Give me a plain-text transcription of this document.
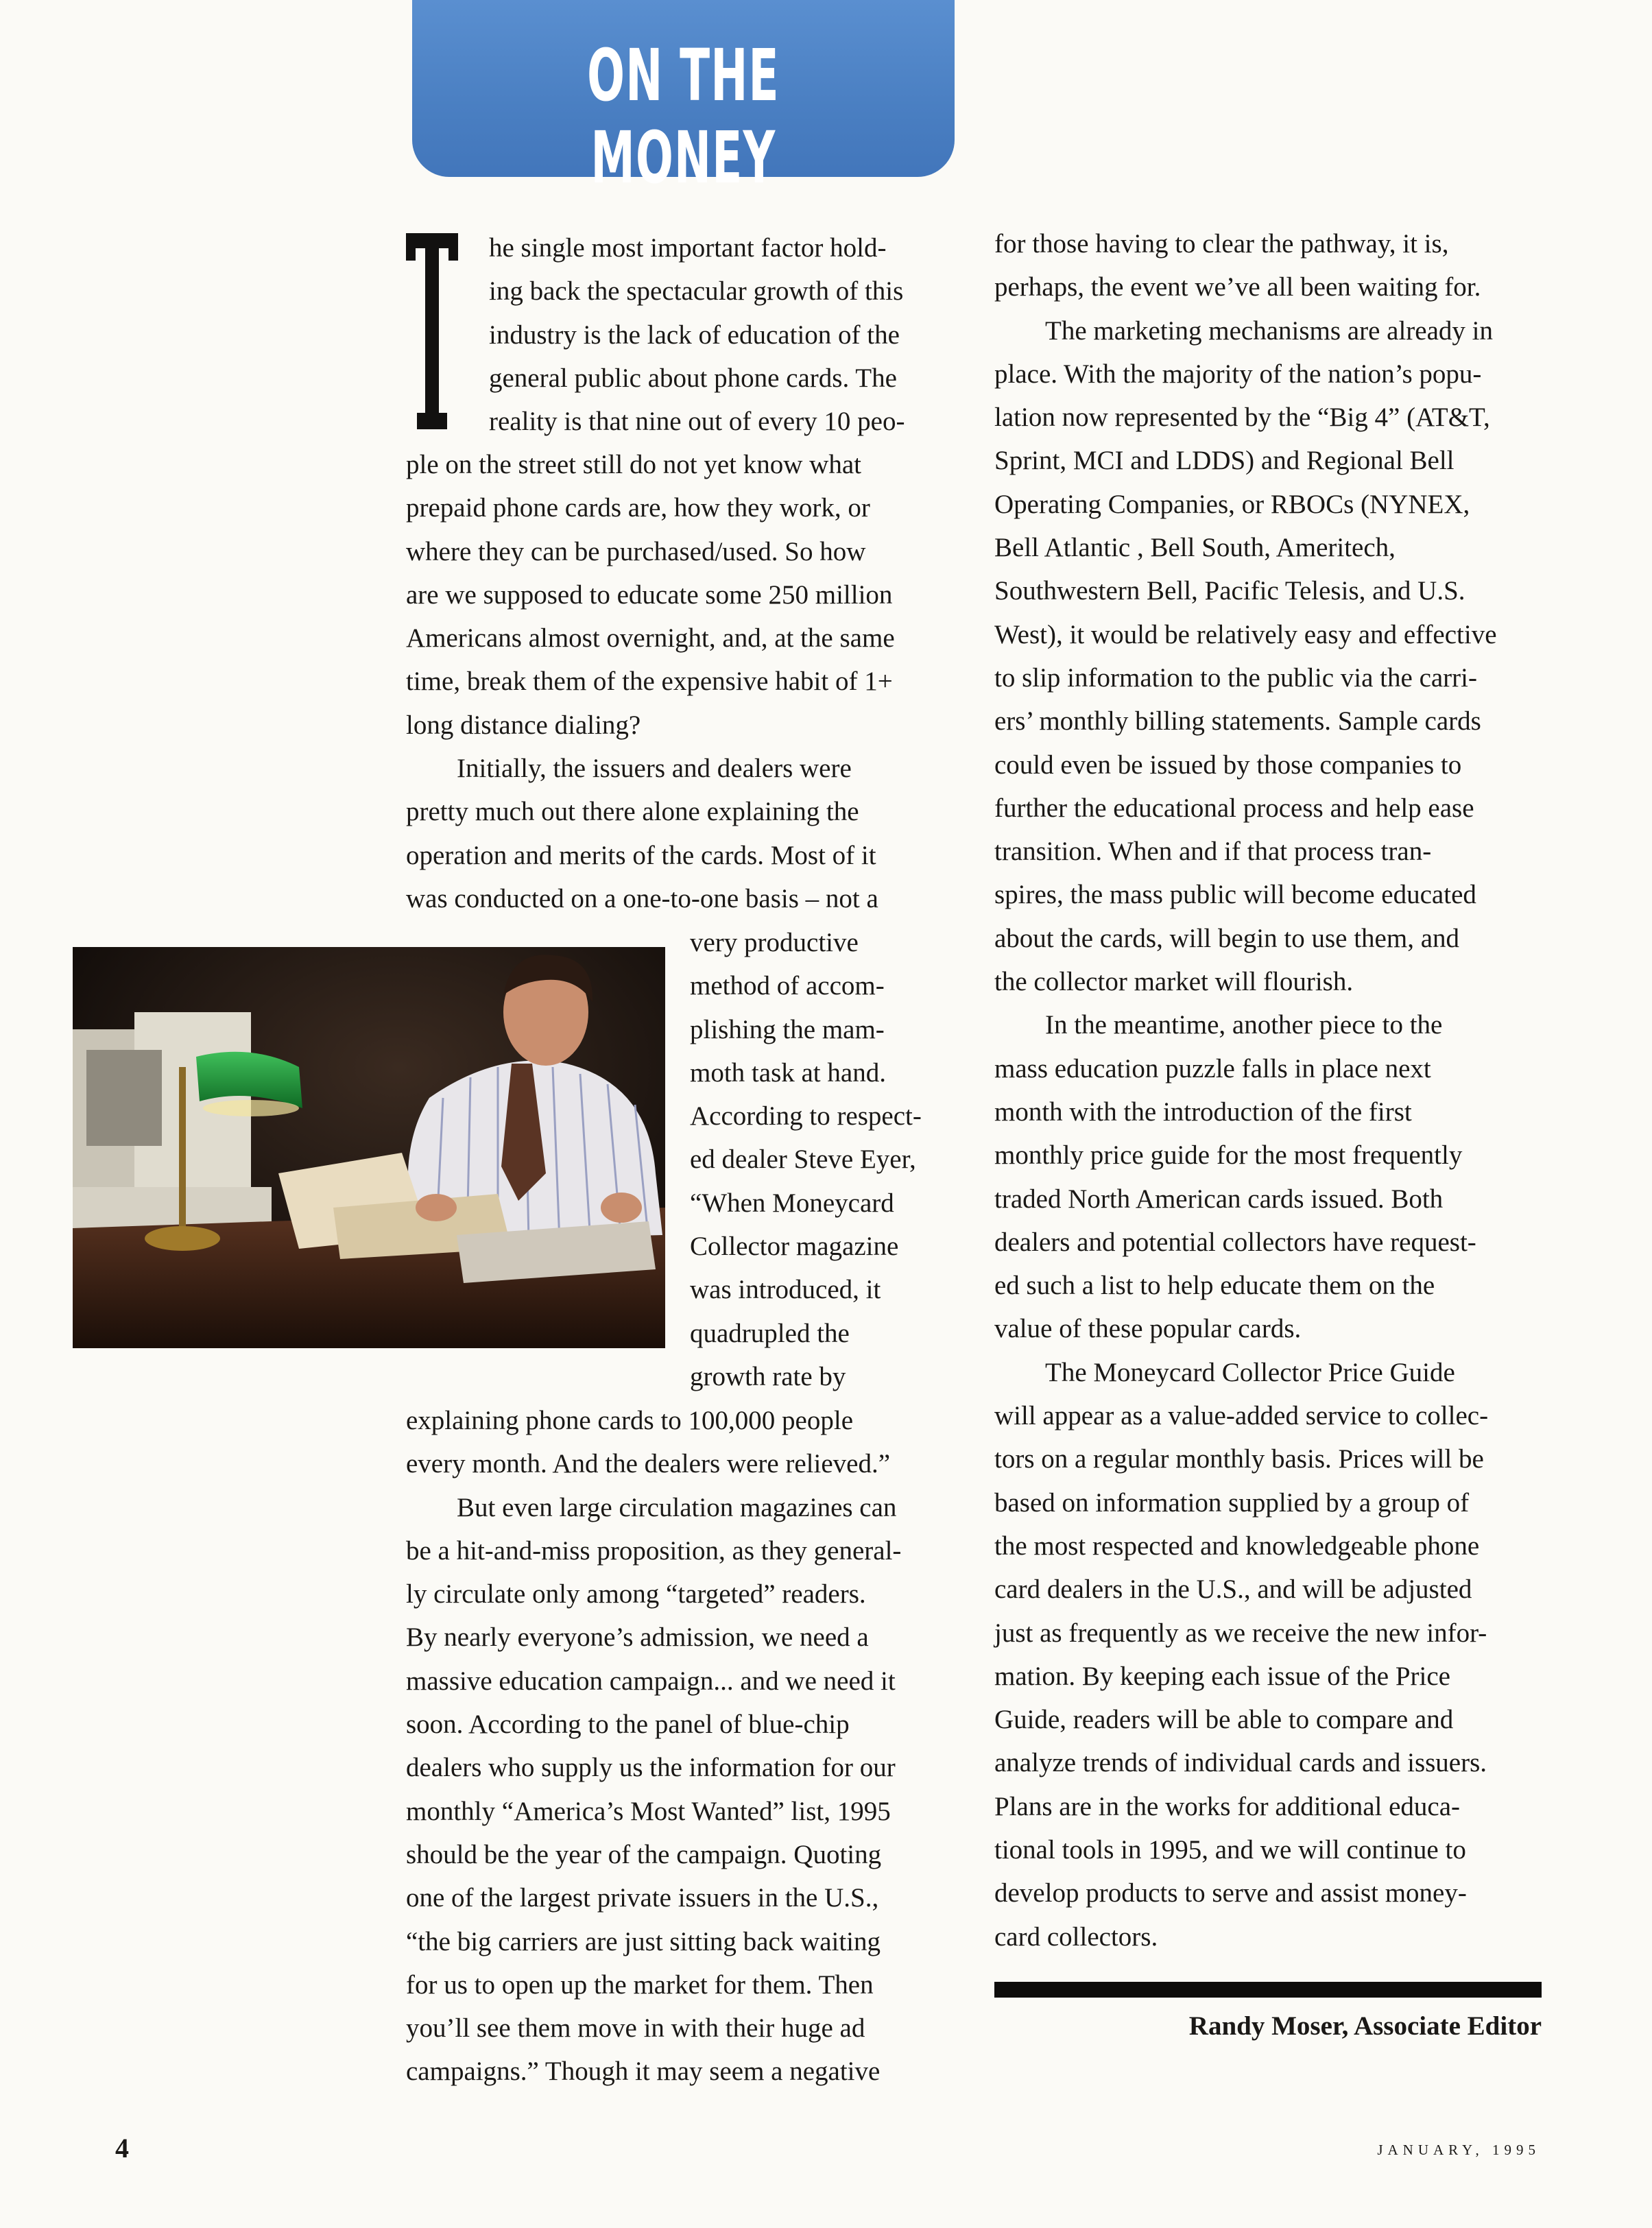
ON THE MONEY
he single most important factor hold-
ing back the spectacular growth of this
industry is the lack of education of the
general public about phone cards. The
reality is that nine out of every 10 peo-
ple on the street still do not yet know what
prepaid phone cards are, how they work, or
where they can be purchased/used. So how
are we supposed to educate some 250 million
Americans almost overnight, and, at the same
time, break them of the expensive habit of 1+
long distance dialing?
Initially, the issuers and dealers were
pretty much out there alone explaining the
operation and merits of the cards. Most of it
was conducted on a one-to-one basis – not a
very productive
method of accom-
plishing the mam-
moth task at hand.
According to respect-
ed dealer Steve Eyer,
“When Moneycard
Collector magazine
was introduced, it
quadrupled the
growth rate by
explaining phone cards to 100,000 people
every month. And the dealers were relieved.”
But even large circulation magazines can
be a hit-and-miss proposition, as they general-
ly circulate only among “targeted” readers.
By nearly everyone’s admission, we need a
massive education campaign... and we need it
soon. According to the panel of blue-chip
dealers who supply us the information for our
monthly “America’s Most Wanted” list, 1995
should be the year of the campaign. Quoting
one of the largest private issuers in the U.S.,
“the big carriers are just sitting back waiting
for us to open up the market for them. Then
you’ll see them move in with their huge ad
campaigns.” Though it may seem a negative
for those having to clear the pathway, it is,
perhaps, the event we’ve all been waiting for.
The marketing mechanisms are already in
place. With the majority of the nation’s popu-
lation now represented by the “Big 4” (AT&T,
Sprint, MCI and LDDS) and Regional Bell
Operating Companies, or RBOCs (NYNEX,
Bell Atlantic , Bell South, Ameritech,
Southwestern Bell, Pacific Telesis, and U.S.
West), it would be relatively easy and effective
to slip information to the public via the carri-
ers’ monthly billing statements. Sample cards
could even be issued by those companies to
further the educational process and help ease
transition. When and if that process tran-
spires, the mass public will become educated
about the cards, will begin to use them, and
the collector market will flourish.
In the meantime, another piece to the
mass education puzzle falls in place next
month with the introduction of the first
monthly price guide for the most frequently
traded North American cards issued. Both
dealers and potential collectors have request-
ed such a list to help educate them on the
value of these popular cards.
The Moneycard Collector Price Guide
will appear as a value-added service to collec-
tors on a regular monthly basis. Prices will be
based on information supplied by a group of
the most respected and knowledgeable phone
card dealers in the U.S., and will be adjusted
just as frequently as we receive the new infor-
mation. By keeping each issue of the Price
Guide, readers will be able to compare and
analyze trends of individual cards and issuers.
Plans are in the works for additional educa-
tional tools in 1995, and we will continue to
develop products to serve and assist money-
card collectors.
Randy Moser, Associate Editor
4	JANUARY, 1995
